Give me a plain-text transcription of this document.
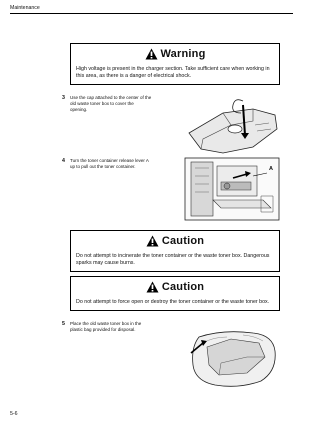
Maintenance
Warning
High voltage is present in the charger section. Take sufficient care when working in this area, as there is a danger of electrical shock.
3 Use the cap attached to the center of the old waste toner box to cover the opening.
4 Turn the toner container release lever A up to pull out the toner container.	A
Caution
Do not attempt to incinerate the toner container or the waste toner box. Dangerous sparks may cause burns.
Caution
Do not attempt to force open or destroy the toner container or the waste toner box.
5 Place the old waste toner box in the plastic bag provided for disposal.
5-6
